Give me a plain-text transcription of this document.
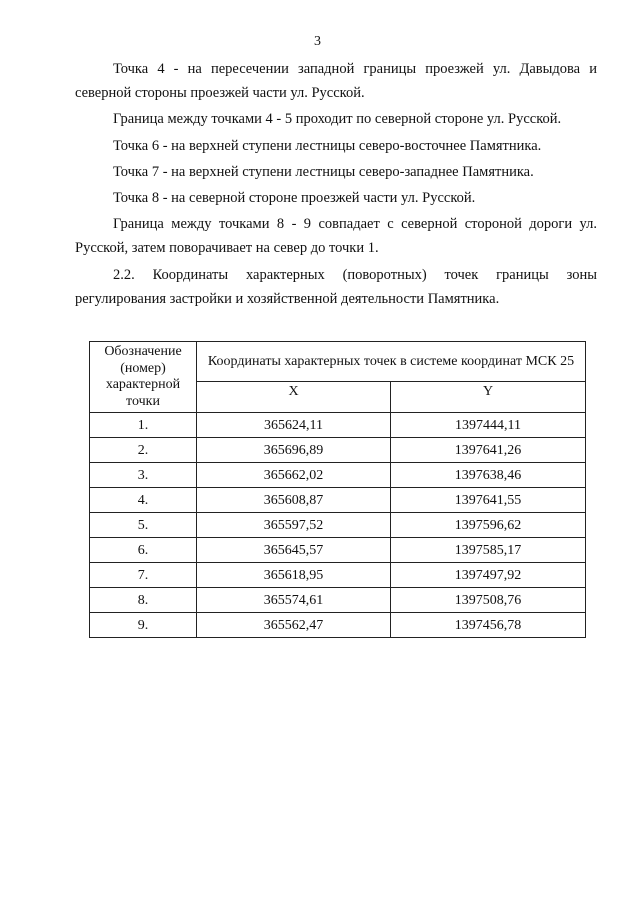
3

Точка 4 - на пересечении западной границы проезжей ул. Давыдова и северной стороны проезжей части ул. Русской.

Граница между точками 4 - 5 проходит по северной стороне ул. Русской.

Точка 6 - на верхней ступени лестницы северо-восточнее Памятника.

Точка 7 - на верхней ступени лестницы северо-западнее Памятника.

Точка 8 - на северной стороне проезжей части ул. Русской.

Граница между точками 8 - 9 совпадает с северной стороной дороги ул. Русской, затем поворачивает на север до точки 1.

2.2. Координаты характерных (поворотных) точек границы зоны регулирования застройки и хозяйственной деятельности Памятника.

Обозначение (номер) характерной точки	Координаты характерных точек в системе координат МСК 25	
	X	Y
1.	365624,11	1397444,11
2.	365696,89	1397641,26
3.	365662,02	1397638,46
4.	365608,87	1397641,55
5.	365597,52	1397596,62
6.	365645,57	1397585,17
7.	365618,95	1397497,92
8.	365574,61	1397508,76
9.	365562,47	1397456,78
